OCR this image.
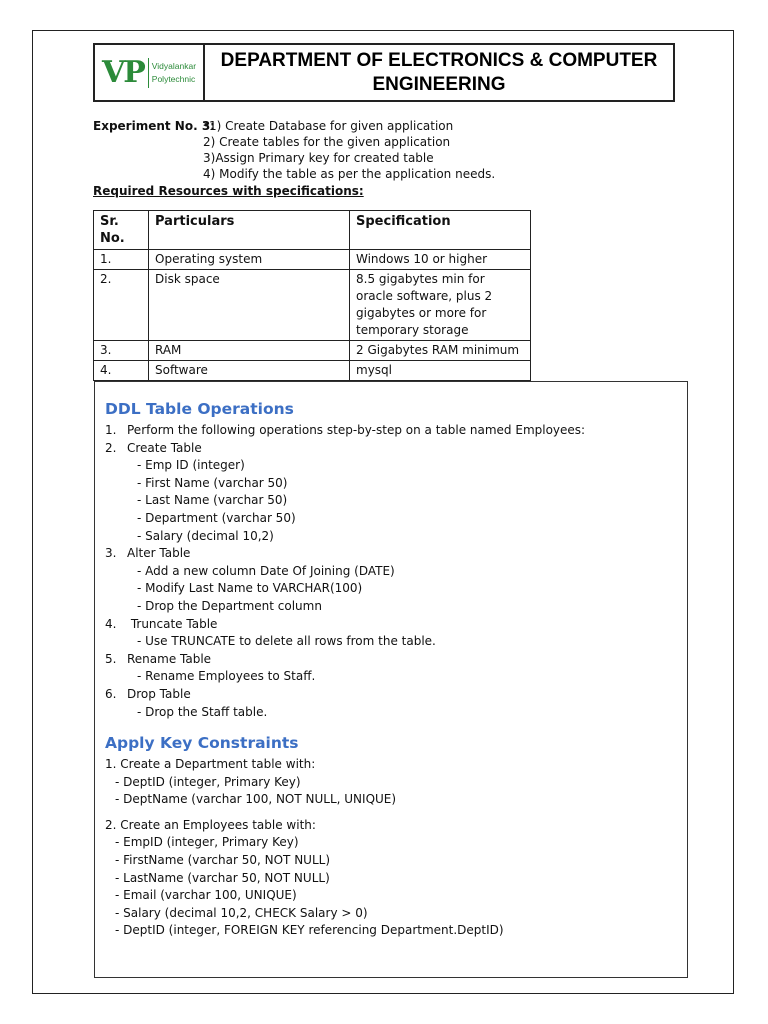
VP Vidyalankar
Polytechnic
DEPARTMENT OF ELECTRONICS & COMPUTER ENGINEERING
Experiment No. 3:
*1) Create Database for given application
2) Create tables for the given application
3)Assign Primary key for created table
4) Modify the table as per the application needs.
Required Resources with specifications:
Sr. No.	Particulars	Specification
1.	Operating system	Windows 10 or higher
2.	Disk space	8.5 gigabytes min for oracle software, plus 2 gigabytes or more for temporary storage
3.	RAM	2 Gigabytes RAM minimum
4.	Software	mysql
DDL Table Operations
1. Perform the following operations step-by-step on a table named Employees:
2. Create Table
- Emp ID (integer)
- First Name (varchar 50)
- Last Name (varchar 50)
- Department (varchar 50)
- Salary (decimal 10,2)
3. Alter Table
- Add a new column Date Of Joining (DATE)
- Modify Last Name to VARCHAR(100)
- Drop the Department column
4. Truncate Table
- Use TRUNCATE to delete all rows from the table.
5. Rename Table
- Rename Employees to Staff.
6. Drop Table
- Drop the Staff table.
Apply Key Constraints
1. Create a Department table with:
- DeptID (integer, Primary Key)
- DeptName (varchar 100, NOT NULL, UNIQUE)
2. Create an Employees table with:
- EmpID (integer, Primary Key)
- FirstName (varchar 50, NOT NULL)
- LastName (varchar 50, NOT NULL)
- Email (varchar 100, UNIQUE)
- Salary (decimal 10,2, CHECK Salary > 0)
- DeptID (integer, FOREIGN KEY referencing Department.DeptID)
